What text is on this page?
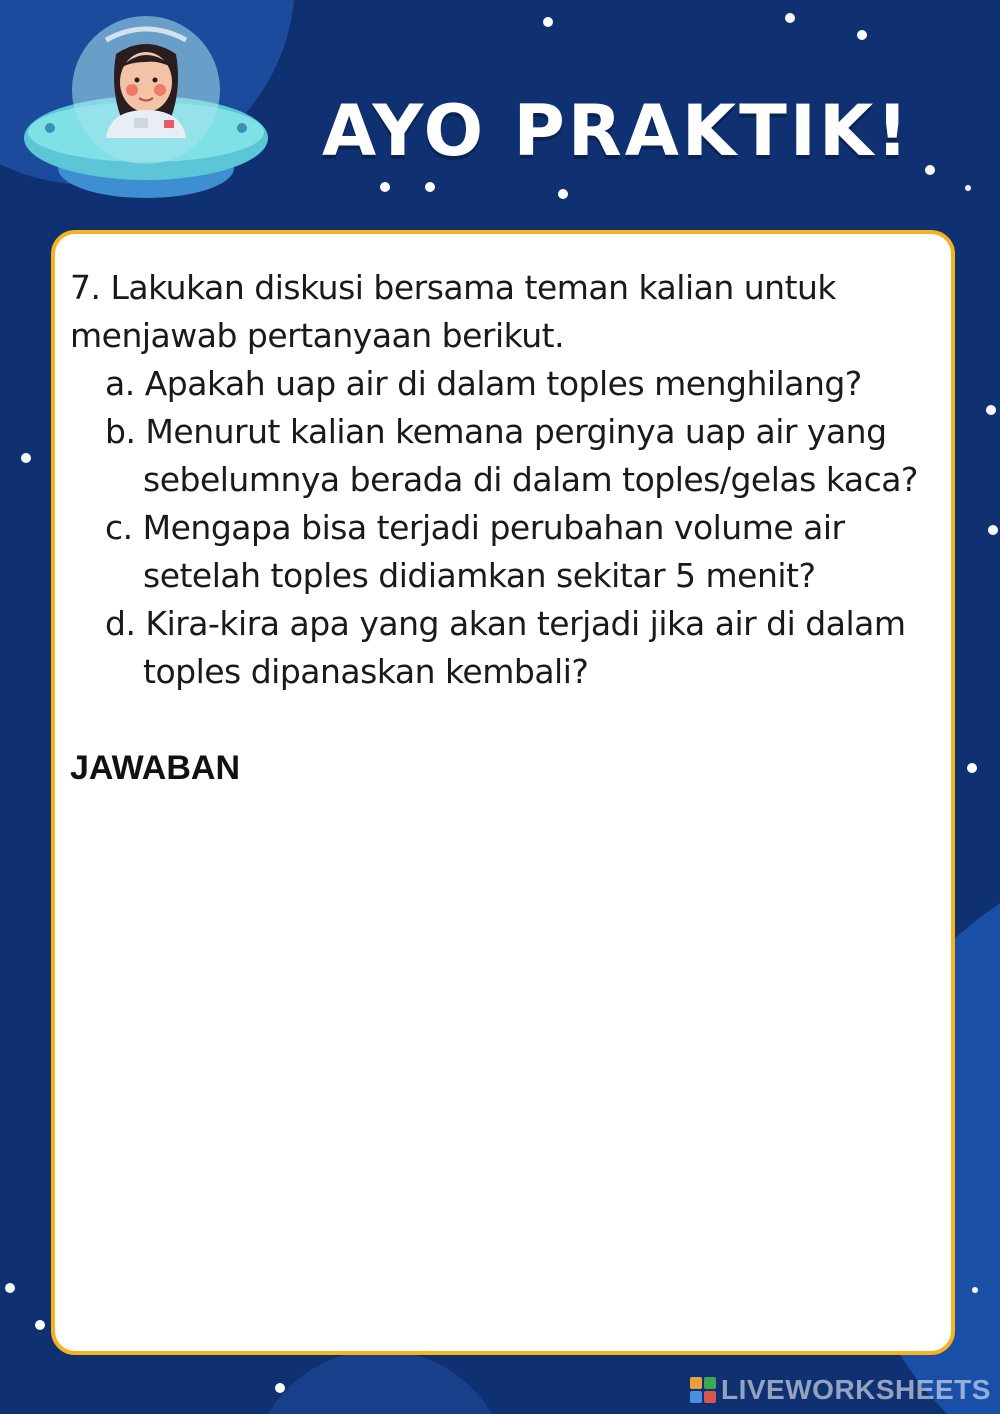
AYO PRAKTIK!

7. Lakukan diskusi bersama teman kalian untuk menjawab pertanyaan berikut.

a. Apakah uap air di dalam toples menghilang?

b. Menurut kalian kemana perginya uap air yang sebelumnya berada di dalam toples/gelas kaca?

c. Mengapa bisa terjadi perubahan volume air setelah toples didiamkan sekitar 5 menit?

d. Kira-kira apa yang akan terjadi jika air di dalam toples dipanaskan kembali?

JAWABAN
LIVEWORKSHEETS
